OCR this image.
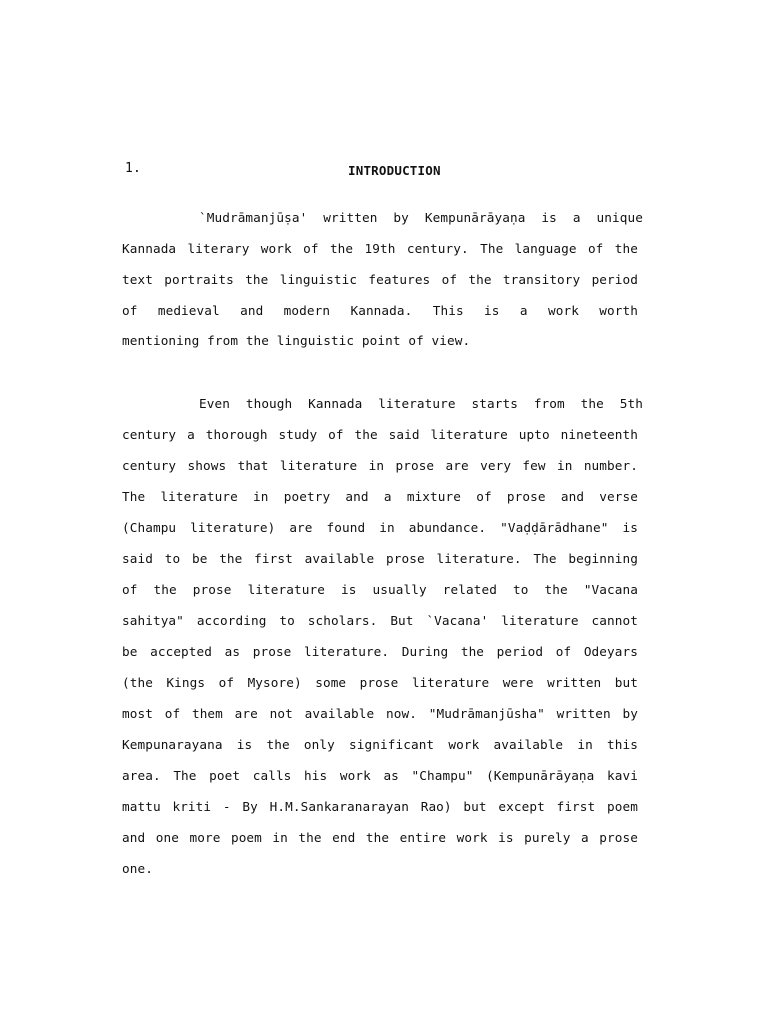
1.	INTRODUCTION
`Mudrāmanjūṣa' written by Kempunārāyaṇa is a unique
Kannada literary work of the 19th century. The language of the
text portraits the linguistic features of the transitory period
of medieval and modern Kannada. This is a work worth
mentioning from the linguistic point of view.
Even though Kannada literature starts from the 5th
century a thorough study of the said literature upto nineteenth
century shows that literature in prose are very few in number.
The literature in poetry and a mixture of prose and verse
(Champu literature) are found in abundance. "Vaḍḍārādhane" is
said to be the first available prose literature. The beginning
of the prose literature is usually related to the "Vacana
sahitya" according to scholars. But `Vacana' literature cannot
be accepted as prose literature. During the period of Odeyars
(the Kings of Mysore) some prose literature were written but
most of them are not available now. "Mudrāmanjūsha" written by
Kempunarayana is the only significant work available in this
area. The poet calls his work as "Champu" (Kempunārāyaṇa kavi
mattu kriti - By H.M.Sankaranarayan Rao) but except first poem
and one more poem in the end the entire work is purely a prose
one.
